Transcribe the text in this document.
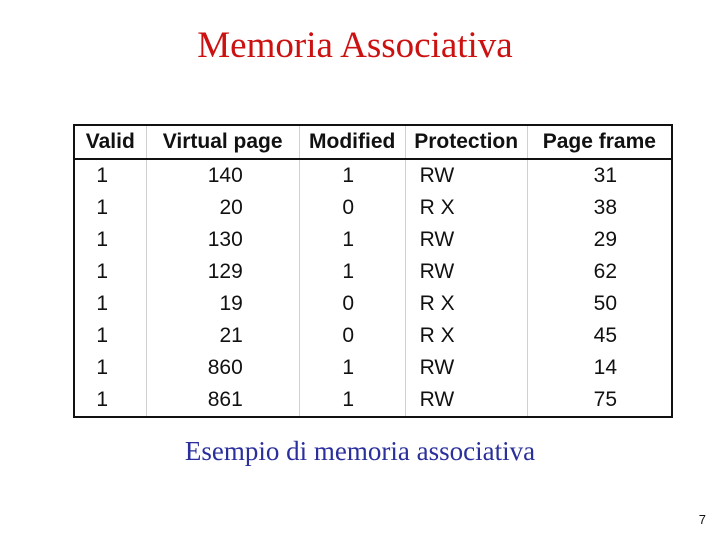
Memoria Associativa
Valid	Virtual page	Modified	Protection	Page frame
1	140	1	RW	31
1	20	0	R X	38
1	130	1	RW	29
1	129	1	RW	62
1	19	0	R X	50
1	21	0	R X	45
1	860	1	RW	14
1	861	1	RW	75
Esempio di memoria associativa
7
